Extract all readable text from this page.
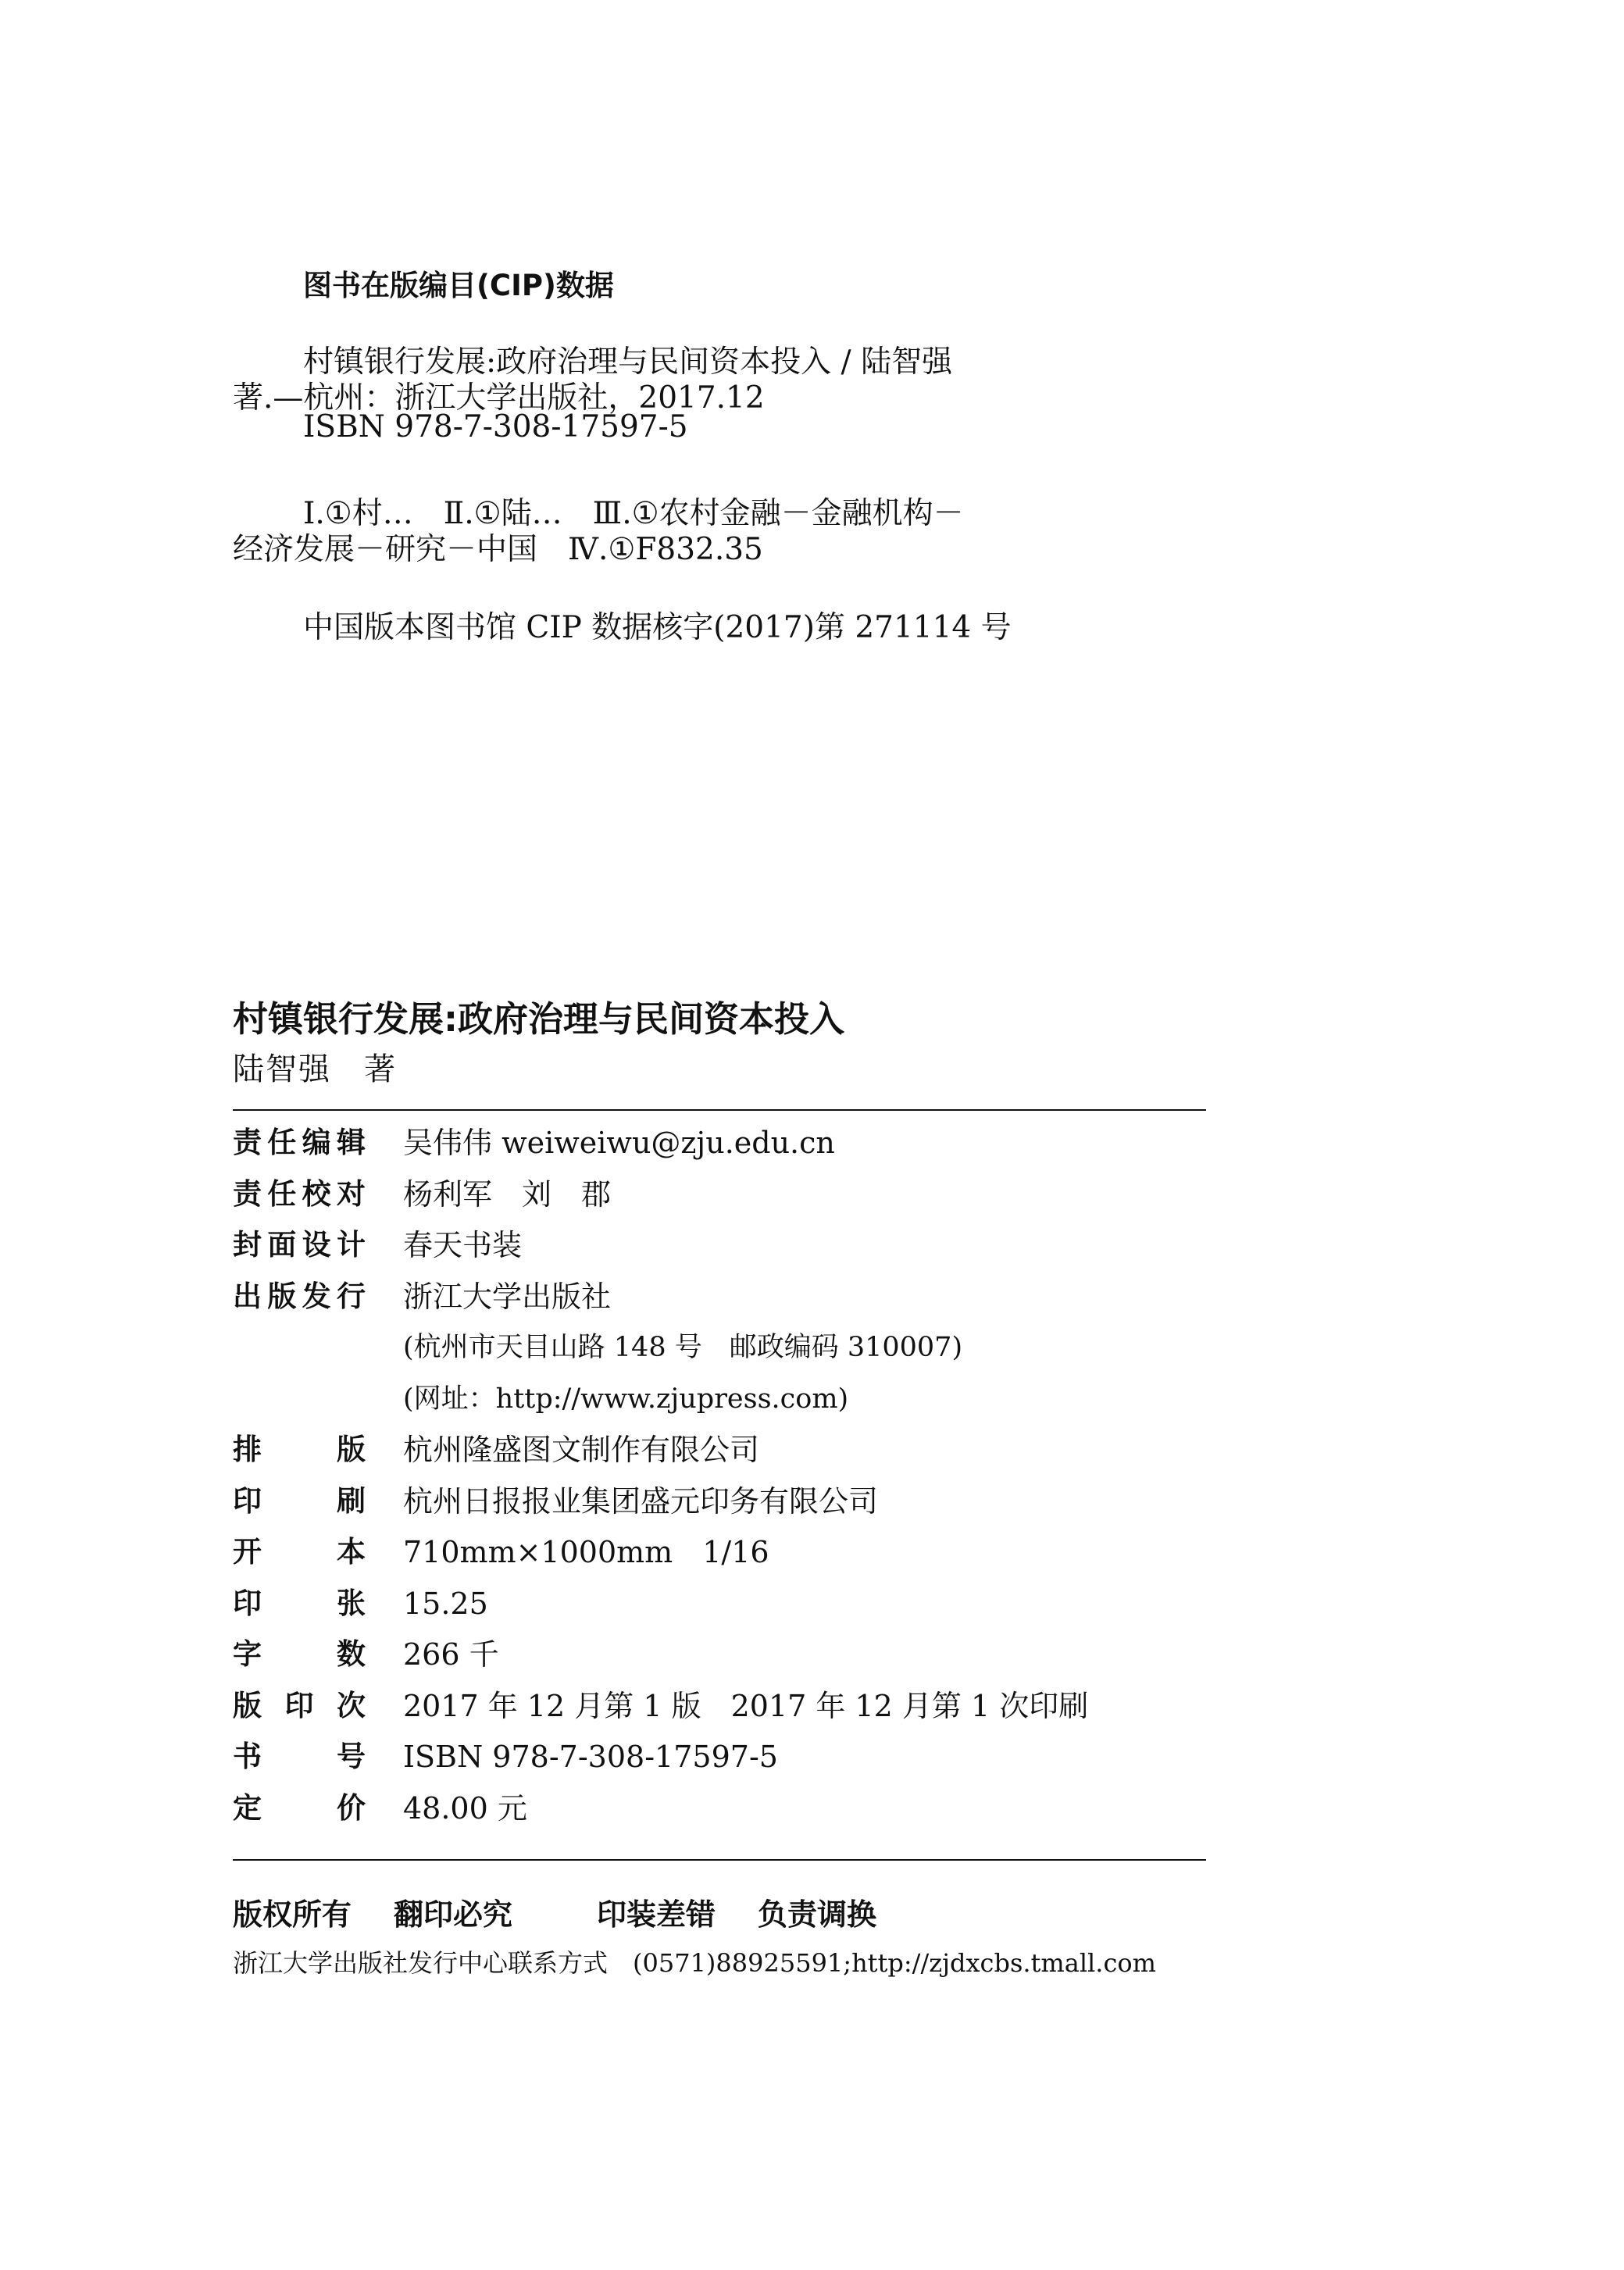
图书在版编目(CIP)数据
村镇银行发展:政府治理与民间资本投入 / 陆智强
著.—杭州：浙江大学出版社，2017.12
ISBN 978-7-308-17597-5
Ⅰ.①村…　Ⅱ.①陆…　Ⅲ.①农村金融－金融机构－
经济发展－研究－中国　Ⅳ.①F832.35
中国版本图书馆 CIP 数据核字(2017)第 271114 号
村镇银行发展:政府治理与民间资本投入
陆智强　著
责任编辑 吴伟伟 weiweiwu@zju.edu.cn
责任校对 杨利军　刘　郡
封面设计 春天书装
出版发行 浙江大学出版社
(杭州市天目山路 148 号　邮政编码 310007)
(网址：http://www.zjupress.com)
排版 杭州隆盛图文制作有限公司
印刷 杭州日报报业集团盛元印务有限公司
开本 710mm×1000mm　1/16
印张 15.25
字数 266 千
版印次 2017 年 12 月第 1 版　2017 年 12 月第 1 次印刷
书号 ISBN 978-7-308-17597-5
定价 48.00 元
版权所有 翻印必究	印装差错 负责调换
浙江大学出版社发行中心联系方式　(0571)88925591;http://zjdxcbs.tmall.com
